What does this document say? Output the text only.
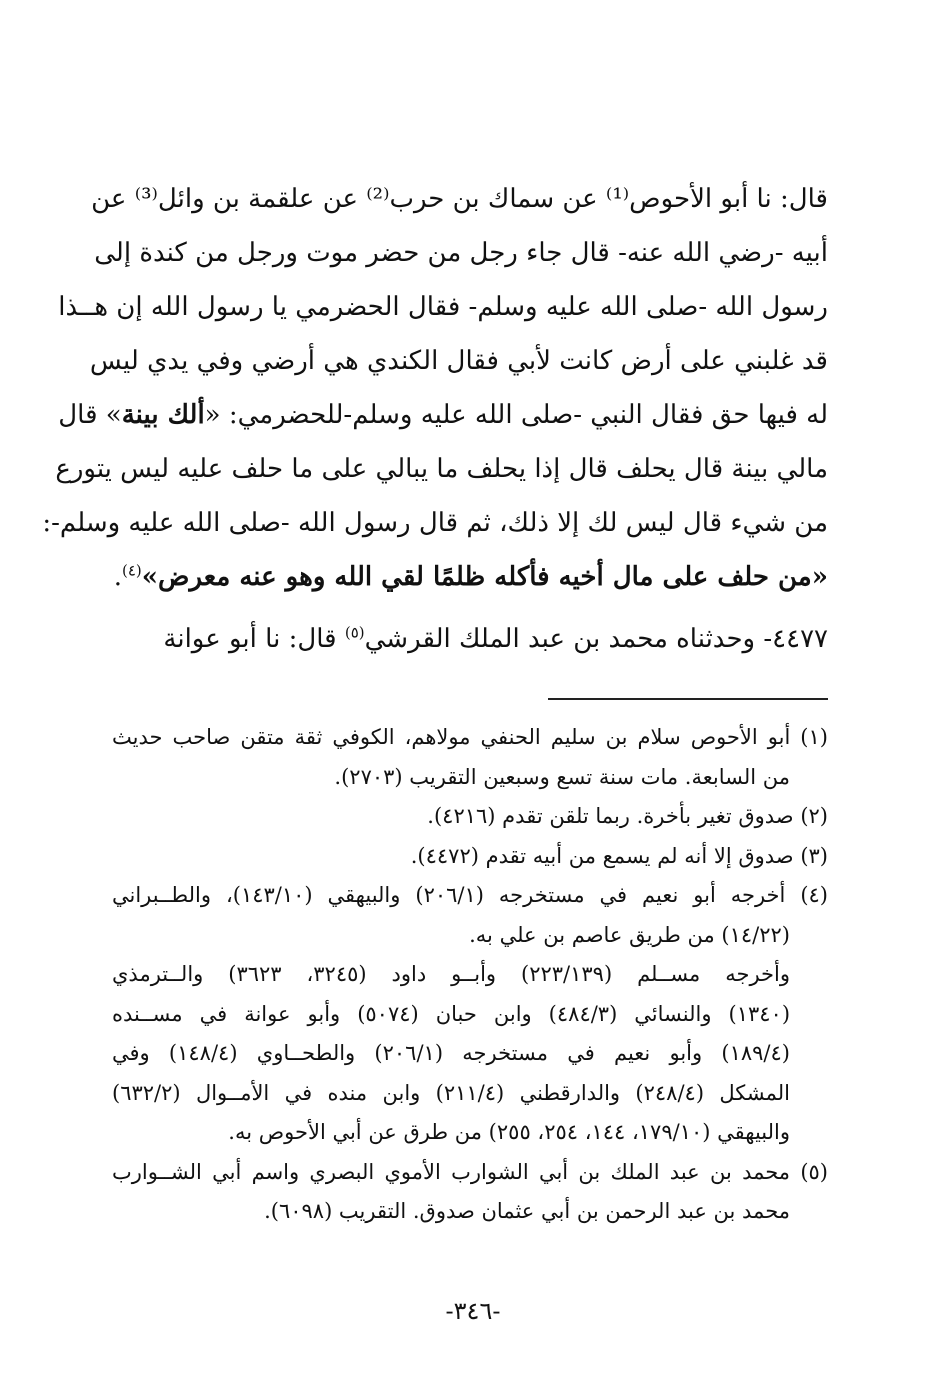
قال: نا أبو الأحوص⁽¹⁾ عن سماك بن حرب⁽²⁾ عن علقمة بن وائل⁽³⁾ عن
أبيه -رضي الله عنه- قال جاء رجل من حضر موت ورجل من كندة إلى
رسول الله -صلى الله عليه وسلم- فقال الحضرمي يا رسول الله إن هــذا
قد غلبني على أرض كانت لأبي فقال الكندي هي أرضي وفي يدي ليس
له فيها حق فقال النبي -صلى الله عليه وسلم-للحضرمي: «ألك بينة» قال
مالي بينة قال يحلف قال إذا يحلف ما يبالي على ما حلف عليه ليس يتورع
من شيء قال ليس لك إلا ذلك، ثم قال رسول الله -صلى الله عليه وسلم-:
«من حلف على مال أخيه فأكله ظلمًا لقي الله وهو عنه معرض»$^{(٤)}$.
٤٤٧٧- وحدثناه محمد بن عبد الملك القرشي$^{(٥)}$ قال: نا أبو عوانة
(١) أبو الأحوص سلام بن سليم الحنفي مولاهم، الكوفي ثقة متقن صاحب حديث
من السابعة. مات سنة تسع وسبعين التقريب (٢٧٠٣).
(٢) صدوق تغير بأخرة. ربما تلقن تقدم (٤٢١٦).
(٣) صدوق إلا أنه لم يسمع من أبيه تقدم (٤٤٧٢).
(٤) أخرجه أبو نعيم في مستخرجه (٢٠٦/١) والبيهقي (١٤٣/١٠)، والطــبراني
(١٤/٢٢) من طريق عاصم بن علي به.
وأخرجه مســلم (٢٢٣/١٣٩) وأبــو داود (٣٢٤٥، ٣٦٢٣) والــترمذي
(١٣٤٠) والنسائي (٤٨٤/٣) وابن حبان (٥٠٧٤) وأبو عوانة في مســنده
(١٨٩/٤) وأبو نعيم في مستخرجه (٢٠٦/١) والطحــاوي (١٤٨/٤) وفي
المشكل (٢٤٨/٤) والدارقطني (٢١١/٤) وابن منده في الأمــوال (٦٣٢/٢)
والبيهقي (١٧٩/١٠، ١٤٤، ٢٥٤، ٢٥٥) من طرق عن أبي الأحوص به.
(٥) محمد بن عبد الملك بن أبي الشوارب الأموي البصري واسم أبي الشــوارب
محمد بن عبد الرحمن بن أبي عثمان صدوق. التقريب (٦٠٩٨).
-٣٤٦-
